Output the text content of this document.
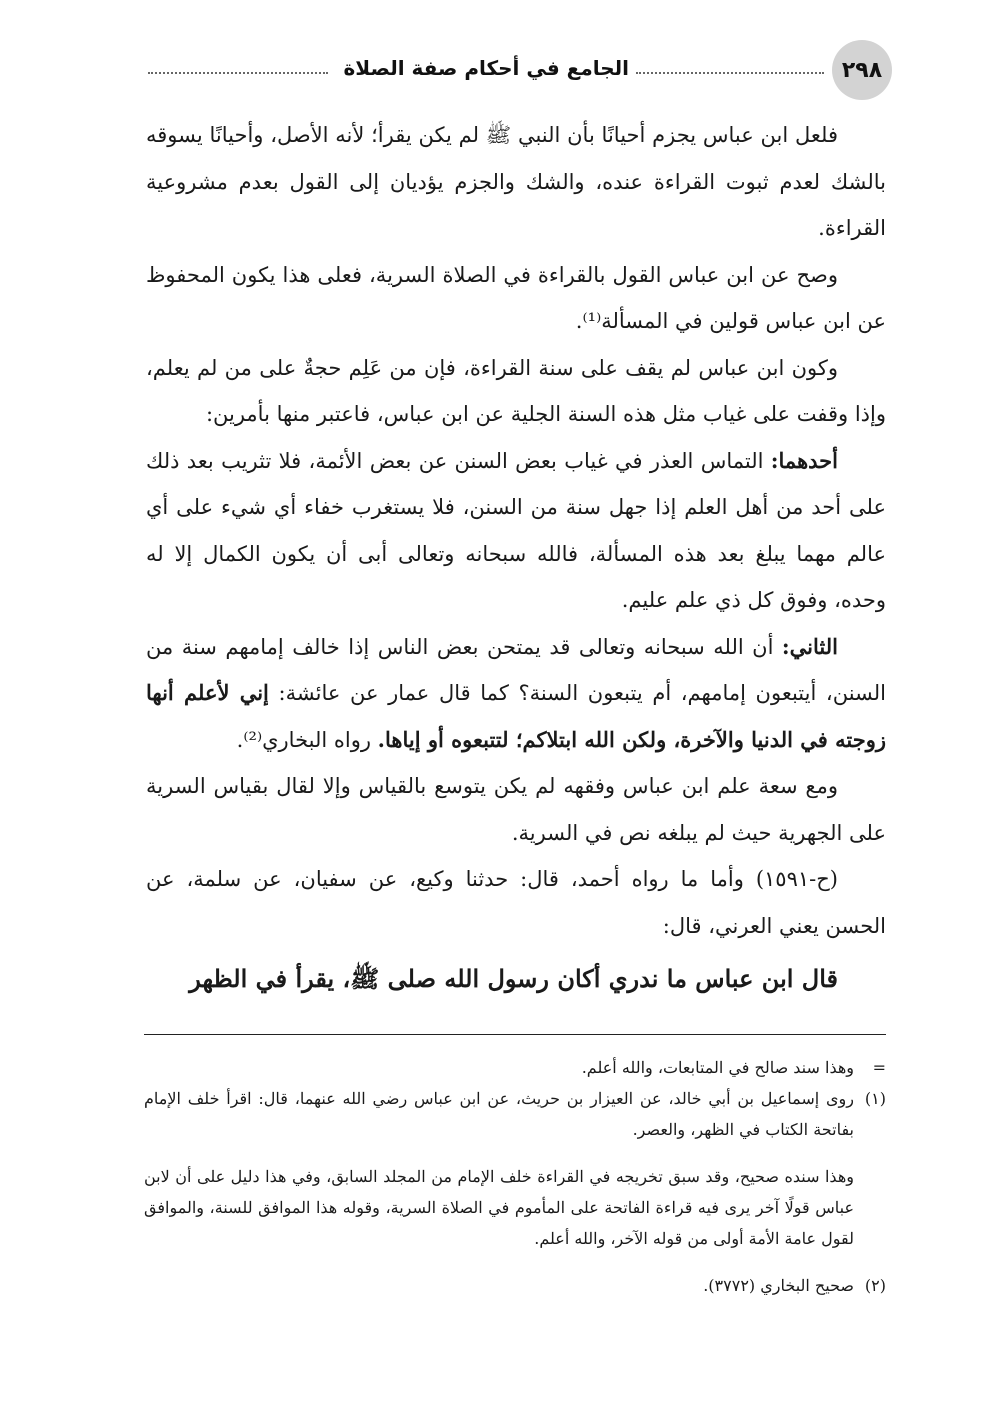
٢٩٨
الجامع في أحكام صفة الصلاة

فلعل ابن عباس يجزم أحيانًا بأن النبي ﷺ لم يكن يقرأ؛ لأنه الأصل، وأحيانًا يسوقه بالشك لعدم ثبوت القراءة عنده، والشك والجزم يؤديان إلى القول بعدم مشروعية القراءة.

وصح عن ابن عباس القول بالقراءة في الصلاة السرية، فعلى هذا يكون المحفوظ عن ابن عباس قولين في المسألة⁽¹⁾.

وكون ابن عباس لم يقف على سنة القراءة، فإن من عَلِم حجةٌ على من لم يعلم، وإذا وقفت على غياب مثل هذه السنة الجلية عن ابن عباس، فاعتبر منها بأمرين:

أحدهما: التماس العذر في غياب بعض السنن عن بعض الأئمة، فلا تثريب بعد ذلك على أحد من أهل العلم إذا جهل سنة من السنن، فلا يستغرب خفاء أي شيء على أي عالم مهما يبلغ بعد هذه المسألة، فالله سبحانه وتعالى أبى أن يكون الكمال إلا له وحده، وفوق كل ذي علم عليم.

الثاني: أن الله سبحانه وتعالى قد يمتحن بعض الناس إذا خالف إمامهم سنة من السنن، أيتبعون إمامهم، أم يتبعون السنة؟ كما قال عمار عن عائشة: إني لأعلم أنها زوجته في الدنيا والآخرة، ولكن الله ابتلاكم؛ لتتبعوه أو إياها. رواه البخاري⁽²⁾.

ومع سعة علم ابن عباس وفقهه لم يكن يتوسع بالقياس وإلا لقال بقياس السرية على الجهرية حيث لم يبلغه نص في السرية.

(ح-١٥٩١) وأما ما رواه أحمد، قال: حدثنا وكيع، عن سفيان، عن سلمة، عن الحسن يعني العرني، قال:

قال ابن عباس ما ندري أكان رسول الله صلى ﷺ، يقرأ في الظهر

=
وهذا سند صالح في المتابعات، والله أعلم.

(١)
روى إسماعيل بن أبي خالد، عن العيزار بن حريث، عن ابن عباس رضي الله عنهما، قال: اقرأ خلف الإمام بفاتحة الكتاب في الظهر، والعصر.

وهذا سنده صحيح، وقد سبق تخريجه في القراءة خلف الإمام من المجلد السابق، وفي هذا دليل على أن لابن عباس قولًا آخر يرى فيه قراءة الفاتحة على المأموم في الصلاة السرية، وقوله هذا الموافق للسنة، والموافق لقول عامة الأمة أولى من قوله الآخر، والله أعلم.

(٢)
صحيح البخاري (٣٧٧٢).
